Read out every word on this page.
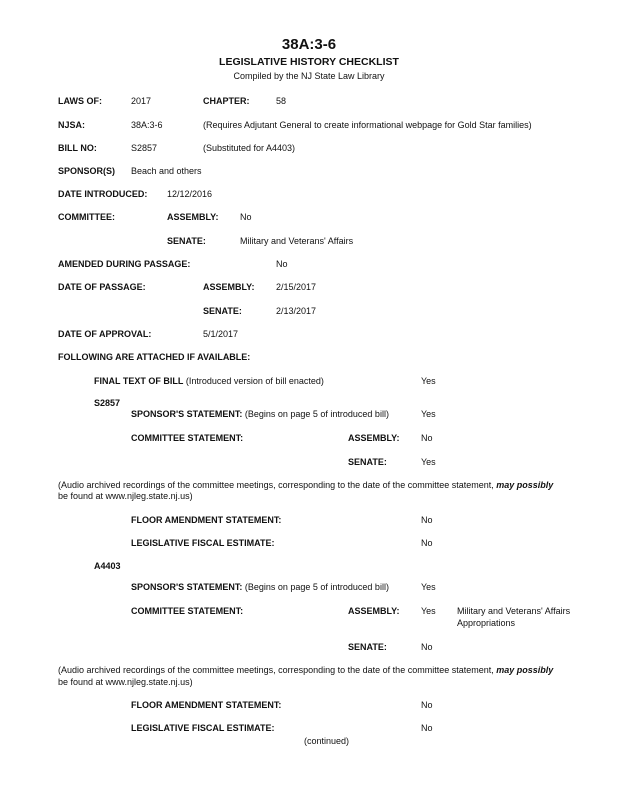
38A:3-6
LEGISLATIVE HISTORY CHECKLIST
Compiled by the NJ State Law Library
LAWS OF:	2017	CHAPTER:	58
NJSA:	38A:3-6	(Requires Adjutant General to create informational webpage for Gold Star families)
BILL NO:	S2857	(Substituted for A4403)
SPONSOR(S) Beach and others
DATE INTRODUCED: 12/12/2016
COMMITTEE:	ASSEMBLY: No
SENATE:	Military and Veterans' Affairs
AMENDED DURING PASSAGE:	No
DATE OF PASSAGE:	ASSEMBLY: 2/15/2017
SENATE:	2/13/2017
DATE OF APPROVAL:	5/1/2017
FOLLOWING ARE ATTACHED IF AVAILABLE:
FINAL TEXT OF BILL (Introduced version of bill enacted)	Yes
S2857
SPONSOR'S STATEMENT: (Begins on page 5 of introduced bill)	Yes
COMMITTEE STATEMENT:	ASSEMBLY: No
SENATE:	Yes
(Audio archived recordings of the committee meetings, corresponding to the date of the committee statement, may possibly
be found at www.njleg.state.nj.us)
FLOOR AMENDMENT STATEMENT:	No
LEGISLATIVE FISCAL ESTIMATE:	No
A4403
SPONSOR'S STATEMENT: (Begins on page 5 of introduced bill)	Yes
COMMITTEE STATEMENT:	ASSEMBLY: Yes Military and Veterans' Affairs
Appropriations
SENATE:	No
(Audio archived recordings of the committee meetings, corresponding to the date of the committee statement, may possibly
be found at www.njleg.state.nj.us)
FLOOR AMENDMENT STATEMENT:	No
LEGISLATIVE FISCAL ESTIMATE:	No
(continued)
